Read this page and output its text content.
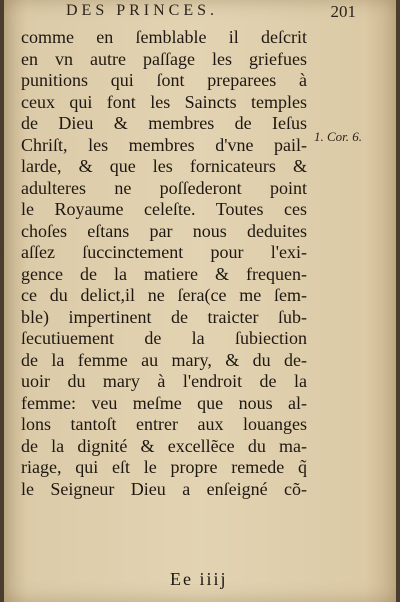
DES PRINCES.	201
comme en ſemblable il deſcrit
en vn autre paſſage les griefues
punitions qui ſont preparees à
ceux qui font les Saincts temples
de Dieu & membres de Ieſus
Chriſt, les membres d'vne pail-
larde, & que les fornicateurs &
adulteres ne poſſederont point
le Royaume celeſte. Toutes ces
choſes eſtans par nous deduites
aſſez ſuccinctement pour l'exi-
gence de la matiere & frequen-
ce du delict,il ne ſera(ce me ſem-
ble) impertinent de traicter ſub-
ſecutiuement de la ſubiection
de la femme au mary, & du de-
uoir du mary à l'endroit de la
femme: veu meſme que nous al-
lons tantoſt entrer aux louanges
de la dignité & excellẽce du ma-
riage, qui eſt le propre remede q̃
le Seigneur Dieu a enſeigné cõ-
1. Cor. 6.
Ee iiij
